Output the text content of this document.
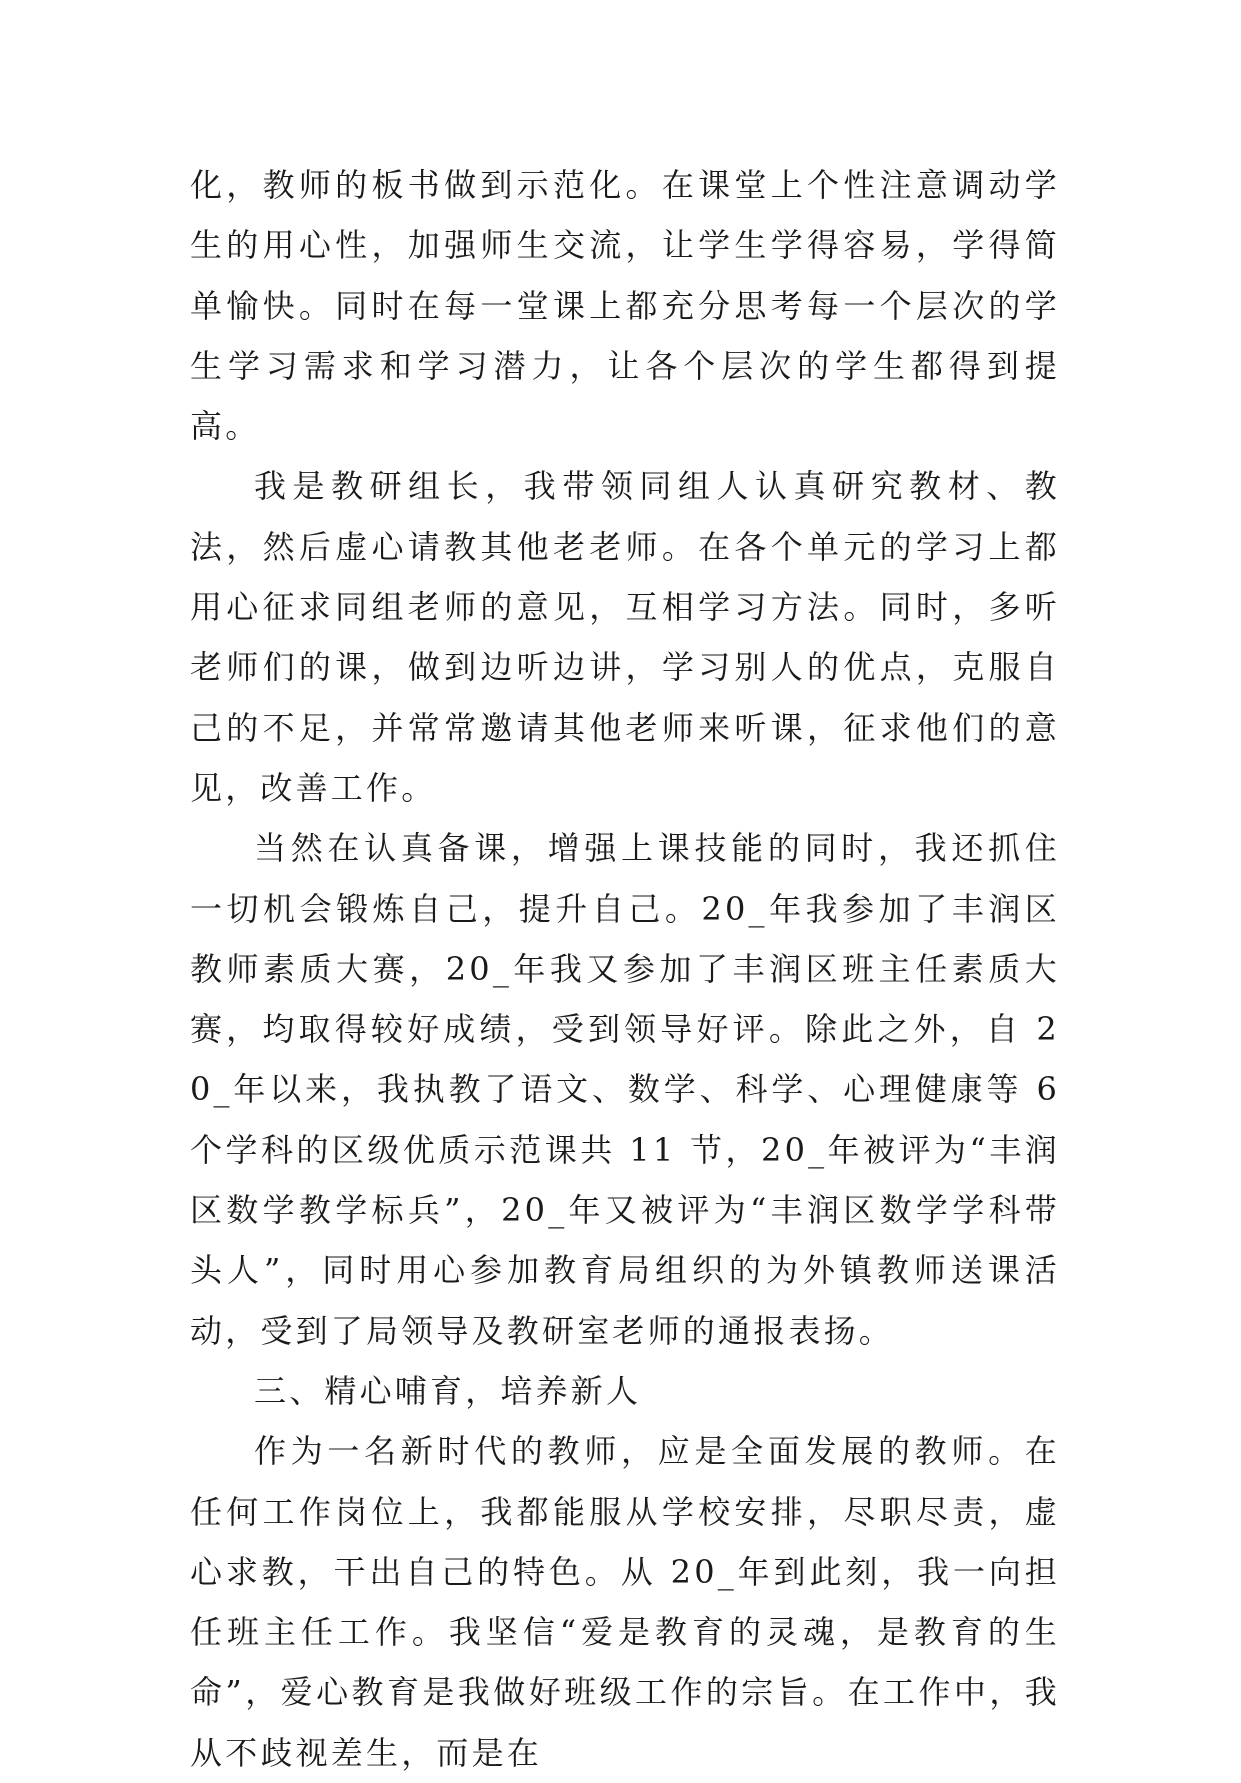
化，教师的板书做到示范化。在课堂上个性注意调动学生的用心性，加强师生交流，让学生学得容易，学得简单愉快。同时在每一堂课上都充分思考每一个层次的学生学习需求和学习潜力，让各个层次的学生都得到提高。

我是教研组长，我带领同组人认真研究教材、教法，然后虚心请教其他老老师。在各个单元的学习上都用心征求同组老师的意见，互相学习方法。同时，多听老师们的课，做到边听边讲，学习别人的优点，克服自己的不足，并常常邀请其他老师来听课，征求他们的意见，改善工作。

当然在认真备课，增强上课技能的同时，我还抓住一切机会锻炼自己，提升自己。20_年我参加了丰润区教师素质大赛，20_年我又参加了丰润区班主任素质大赛，均取得较好成绩，受到领导好评。除此之外，自 20_年以来，我执教了语文、数学、科学、心理健康等 6 个学科的区级优质示范课共 11 节，20_年被评为“丰润区数学教学标兵”，20_年又被评为“丰润区数学学科带头人”，同时用心参加教育局组织的为外镇教师送课活动，受到了局领导及教研室老师的通报表扬。

三、精心哺育，培养新人

作为一名新时代的教师，应是全面发展的教师。在任何工作岗位上，我都能服从学校安排，尽职尽责，虚心求教，干出自己的特色。从 20_年到此刻，我一向担任班主任工作。我坚信“爱是教育的灵魂，是教育的生命”，爱心教育是我做好班级工作的宗旨。在工作中，我从不歧视差生，而是在
